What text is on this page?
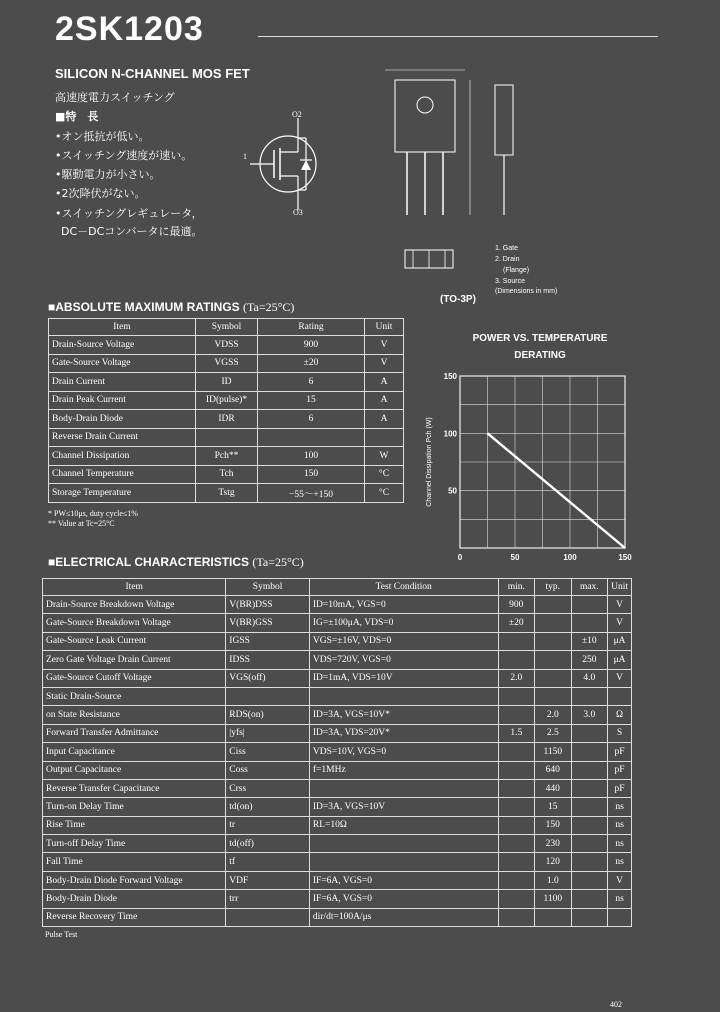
2SK1203
SILICON N-CHANNEL MOS FET
高速度電力スイッチング
■特　長
•オン抵抗が低い。
•スイッチング速度が速い。
•駆動電力が小さい。
•2次降伏がない。
•スイッチングレギュレータ，
DC－DCコンバータに最適。
O2
1
O3
1. Gate
2. Drain
(Flange)
3. Source
(Dimensions in mm)
(TO-3P)
■ABSOLUTE MAXIMUM RATINGS (Ta=25°C)
Item	Symbol	Rating	Unit
Drain-Source Voltage	VDSS	900	V
Gate-Source Voltage	VGSS	±20	V
Drain Current	ID	6	A
Drain Peak Current	ID(pulse)*	15	A
Body-Drain Diode	IDR	6	A
Reverse Drain Current			
Channel Dissipation	Pch**	100	W
Channel Temperature	Tch	150	°C
Storage Temperature	Tstg	−55～+150	°C
* PW≤10μs, duty cycle≤1%
** Value at Tc=25°C
POWER VS. TEMPERATURE DERATING
0	50	100	150
50
100
150
Channel Dissipation Pch (W)
■ELECTRICAL CHARACTERISTICS (Ta=25°C)
Item	Symbol	Test Condition	min.	typ.	max.	Unit
Drain-Source Breakdown Voltage	V(BR)DSS	ID=10mA, VGS=0	900			V
Gate-Source Breakdown Voltage	V(BR)GSS	IG=±100μA, VDS=0	±20			V
Gate-Source Leak Current	IGSS	VGS=±16V, VDS=0			±10	μA
Zero Gate Voltage Drain Current	IDSS	VDS=720V, VGS=0			250	μA
Gate-Source Cutoff Voltage	VGS(off)	ID=1mA, VDS=10V	2.0		4.0	V
Static Drain-Source						
on State Resistance	RDS(on)	ID=3A, VGS=10V*		2.0	3.0	Ω
Forward Transfer Admittance	|yfs|	ID=3A, VDS=20V*	1.5	2.5		S
Input Capacitance	Ciss	VDS=10V, VGS=0		1150		pF
Output Capacitance	Coss	f=1MHz		640		pF
Reverse Transfer Capacitance	Crss			440		pF
Turn-on Delay Time	td(on)	ID=3A, VGS=10V		15		ns
Rise Time	tr	RL=10Ω		150		ns
Turn-off Delay Time	td(off)			230		ns
Fall Time	tf			120		ns
Body-Drain Diode Forward Voltage	VDF	IF=6A, VGS=0		1.0		V
Body-Drain Diode	trr	IF=6A, VGS=0		1100		ns
Reverse Recovery Time		dir/dt=100A/μs				
Pulse Test
402
